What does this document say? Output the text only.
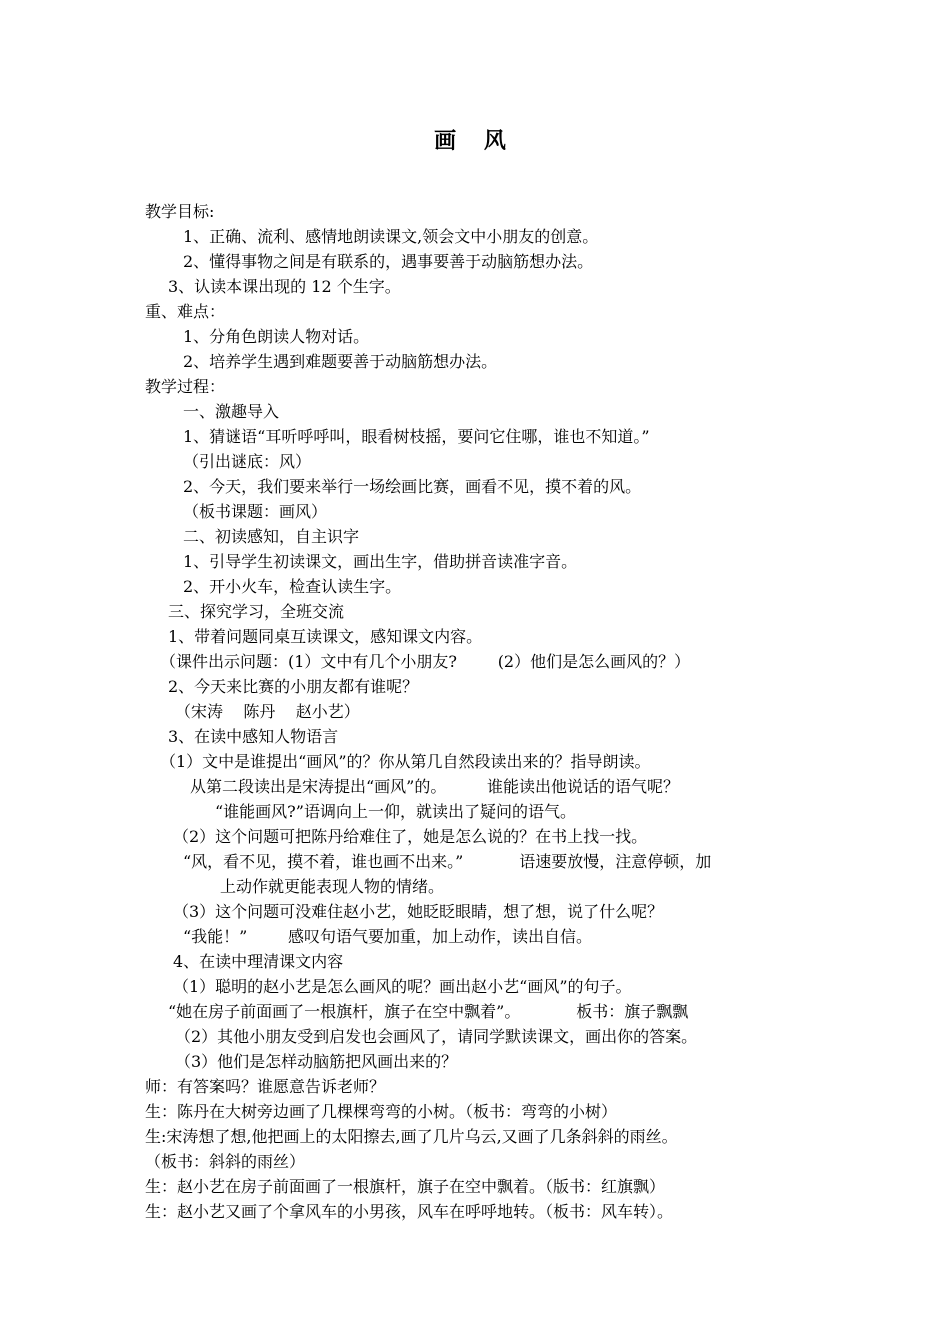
画 风
教学目标:
1、正确、流利、感情地朗读课文,领会文中小朋友的创意。
2、懂得事物之间是有联系的，遇事要善于动脑筋想办法。
3、认读本课出现的 12 个生字。
重、难点：
1、分角色朗读人物对话。
2、培养学生遇到难题要善于动脑筋想办法。
教学过程：
一、激趣导入
1、猜谜语“耳听呼呼叫，眼看树枝摇，要问它住哪，谁也不知道。”
（引出谜底：风）
2、今天，我们要来举行一场绘画比赛，画看不见，摸不着的风。
（板书课题：画风）
二、初读感知，自主识字
1、引导学生初读课文，画出生字，借助拼音读准字音。
2、开小火车，检查认读生字。
三、探究学习，全班交流
1、带着问题同桌互读课文，感知课文内容。
（课件出示问题：(1）文中有几个小朋友?        (2）他们是怎么画风的？）
2、今天来比赛的小朋友都有谁呢？
（宋涛    陈丹    赵小艺）
3、在读中感知人物语言
（1）文中是谁提出“画风”的？你从第几自然段读出来的？指导朗读。
从第二段读出是宋涛提出“画风”的。        谁能读出他说话的语气呢？
“谁能画风?”语调向上一仰，就读出了疑问的语气。
（2）这个问题可把陈丹给难住了，她是怎么说的？在书上找一找。
“风，看不见，摸不着，谁也画不出来。”           语速要放慢，注意停顿，加
上动作就更能表现人物的情绪。
（3）这个问题可没难住赵小艺，她眨眨眼睛，想了想，说了什么呢？
“我能！”        感叹句语气要加重，加上动作，读出自信。
4、在读中理清课文内容
（1）聪明的赵小艺是怎么画风的呢？画出赵小艺“画风”的句子。
“她在房子前面画了一根旗杆，旗子在空中飘着”。           板书：旗子飘飘
（2）其他小朋友受到启发也会画风了，请同学默读课文，画出你的答案。
（3）他们是怎样动脑筋把风画出来的？
师：有答案吗？谁愿意告诉老师？
生：陈丹在大树旁边画了几棵棵弯弯的小树。（板书：弯弯的小树）
生:宋涛想了想,他把画上的太阳擦去,画了几片乌云,又画了几条斜斜的雨丝。
（板书：斜斜的雨丝）
生：赵小艺在房子前面画了一根旗杆，旗子在空中飘着。（版书：红旗飘）
生：赵小艺又画了个拿风车的小男孩，风车在呼呼地转。（板书：风车转）。
